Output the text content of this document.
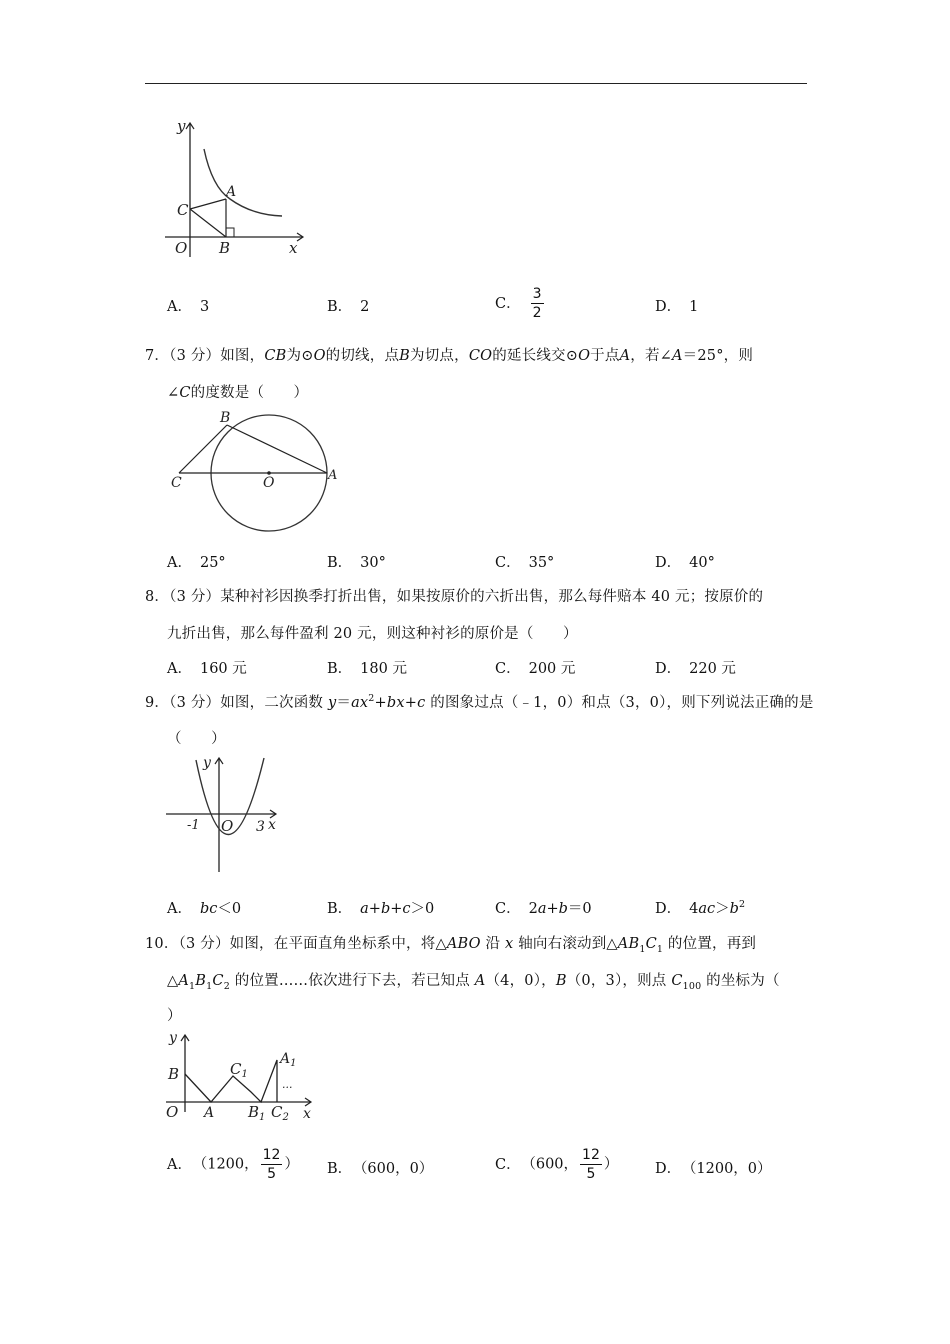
y
x
O
A
B
C
A． 3	B． 2	C． $\frac{3}{2}$	D． 1
7．（3 分）如图，CB为⊙O的切线，点B为切点，CO的延长线交⊙O于点A，若∠A＝25°，则
∠C的度数是（　　）
B
C	O	A
A． 25°	B． 30°	C． 35°	D． 40°
8．（3 分）某种衬衫因换季打折出售，如果按原价的六折出售，那么每件赔本 40 元；按原价的
九折出售，那么每件盈利 20 元，则这种衬衫的原价是（　　）
A． 160 元	B． 180 元	C． 200 元	D． 220 元
9．（3 分）如图，二次函数 $y=ax^2+bx+c$ 的图象过点（﹣1，0）和点（3，0），则下列说法正确的是
（　　）
y
x
O
-1	3
A． bc＜0	B． a+b+c＞0	C． 2a+b＝0	D． $4ac>b^2$
10．（3 分）如图，在平面直角坐标系中，将△ABO 沿 x 轴向右滚动到$\triangle AB_1C_1$ 的位置，再到
$\triangle A_1B_1C_2$ 的位置……依次进行下去，若已知点 A（4，0），B（0，3），则点 $C_{100}$ 的坐标为（
）
y
x
O
B
A
$C_1$
$B_1$ $C_2$
$A_1$
...
A． （1200， $\frac{12}{5}$ ） B． （600，0）	C． （600， $\frac{12}{5}$ ）	D． （1200，0）
